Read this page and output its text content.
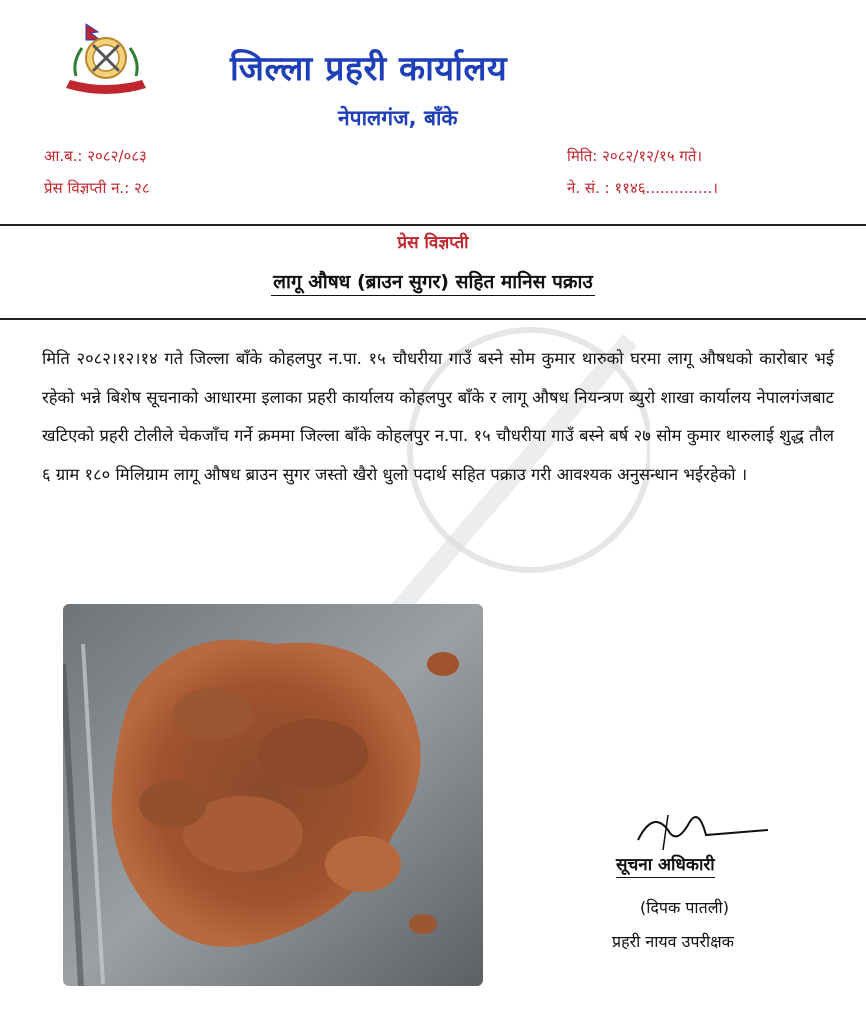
जिल्ला प्रहरी कार्यालय
नेपालगंज, बाँके
आ.ब.: २०८२/०८३
प्रेस विज्ञप्ती न.: २८
मिति: २०८२/१२/१५ गते।
ने. सं. : ११४६..............।
प्रेस विज्ञप्ती
लागू औषध (ब्राउन सुगर) सहित मानिस पक्राउ
मिति २०८२।१२।१४ गते जिल्ला बाँके कोहलपुर न.पा. १५ चौधरीया गाउँ बस्ने सोम कुमार थारुको घरमा लागू औषधको कारोबार भई रहेको भन्ने बिशेष सूचनाको आधारमा इलाका प्रहरी कार्यालय कोहलपुर बाँके र लागू औषध नियन्त्रण ब्युरो शाखा कार्यालय नेपालगंजबाट खटिएको प्रहरी टोलीले चेकजाँच गर्ने क्रममा जिल्ला बाँके कोहलपुर न.पा. १५ चौधरीया गाउँ बस्ने बर्ष २७ सोम कुमार थारुलाई शुद्ध तौल ६ ग्राम १८० मिलिग्राम लागू औषध ब्राउन सुगर जस्तो खैरो धुलो पदार्थ सहित पक्राउ गरी आवश्यक अनुसन्धान भईरहेको ।
सूचना अधिकारी
(दिपक पातली)
प्रहरी नायव उपरीक्षक
